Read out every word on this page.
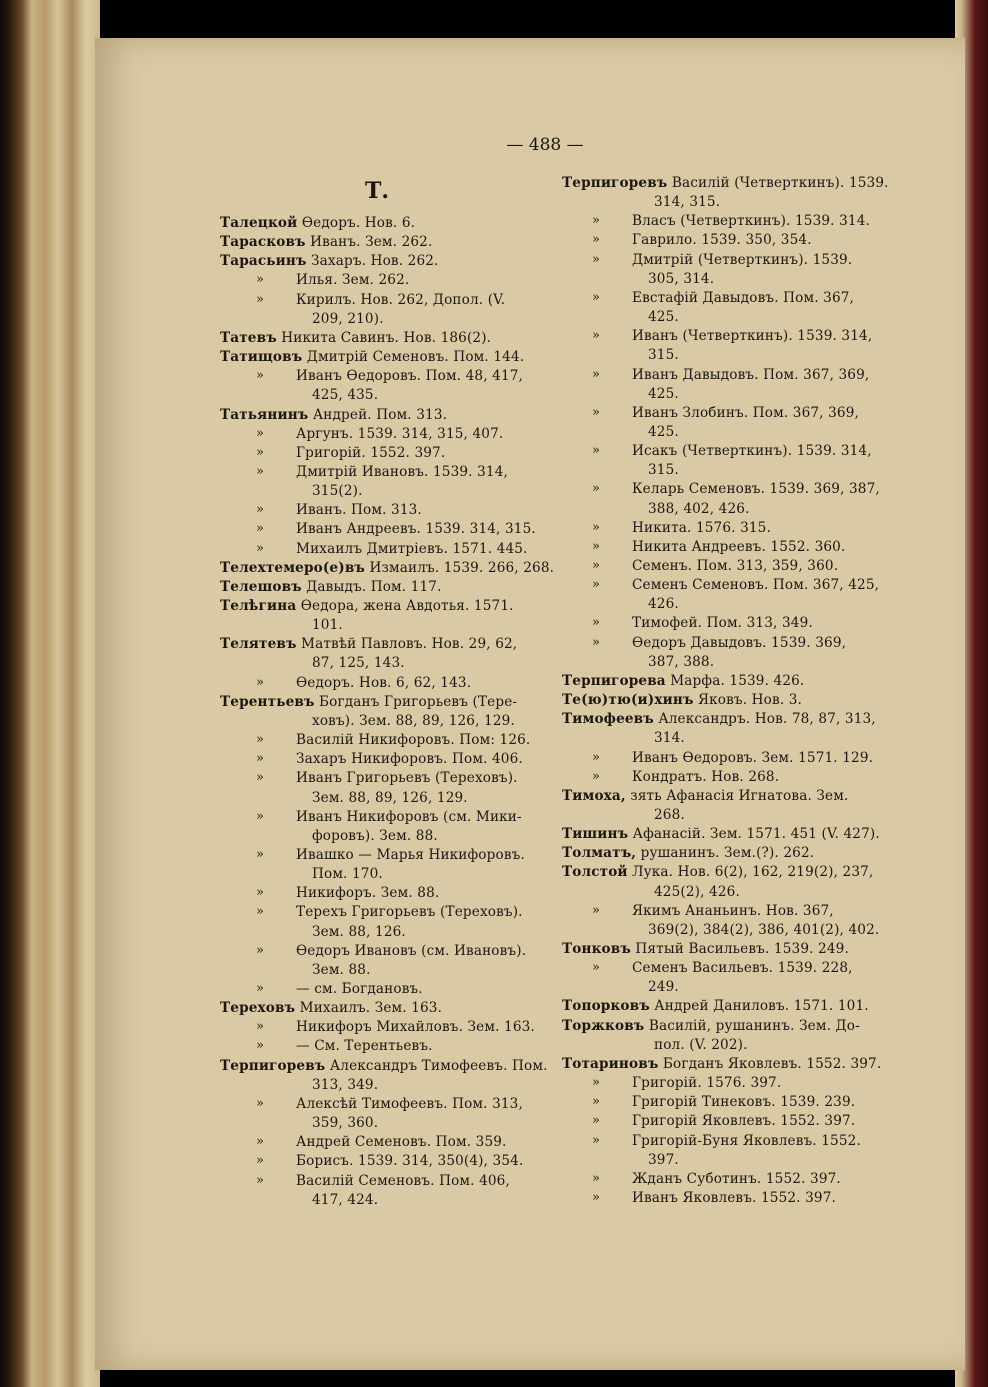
— 488 —
Т.
Талецкой Өедоръ. Нов. 6.
Тарасковъ Иванъ. Зем. 262.
Тарасьинъ Захаръ. Нов. 262.
» Илья. Зем. 262.
» Кирилъ. Нов. 262, Допол. (V.
209, 210).
Татевъ Никита Савинъ. Нов. 186(2).
Татищовъ Дмитрій Семеновъ. Пом. 144.
» Иванъ Өедоровъ. Пом. 48, 417,
425, 435.
Татьянинъ Андрей. Пом. 313.
» Аргунъ. 1539. 314, 315, 407.
» Григорій. 1552. 397.
» Дмитрій Ивановъ. 1539. 314,
315(2).
» Иванъ. Пом. 313.
» Иванъ Андреевъ. 1539. 314, 315.
» Михаилъ Дмитріевъ. 1571. 445.
Телехтемеро(е)въ Измаилъ. 1539. 266, 268.
Телешовъ Давыдъ. Пом. 117.
Телѣгина Өедора, жена Авдотья. 1571.
101.
Телятевъ Матвѣй Павловъ. Нов. 29, 62,
87, 125, 143.
» Өедоръ. Нов. 6, 62, 143.
Терентьевъ Богданъ Григорьевъ (Тере-
ховъ). Зем. 88, 89, 126, 129.
» Василій Никифоровъ. Пом: 126.
» Захаръ Никифоровъ. Пом. 406.
» Иванъ Григорьевъ (Тереховъ).
Зем. 88, 89, 126, 129.
» Иванъ Никифоровъ (см. Мики-
форовъ). Зем. 88.
» Ивашко — Марья Никифоровъ.
Пом. 170.
» Никифоръ. Зем. 88.
» Терехъ Григорьевъ (Тереховъ).
Зем. 88, 126.
» Өедоръ Ивановъ (см. Ивановъ).
Зем. 88.
» — см. Богдановъ.
Тереховъ Михаилъ. Зем. 163.
» Никифоръ Михайловъ. Зем. 163.
» — См. Терентьевъ.
Терпигоревъ Александръ Тимофеевъ. Пом.
313, 349.
» Алексѣй Тимофеевъ. Пом. 313,
359, 360.
» Андрей Семеновъ. Пом. 359.
» Борисъ. 1539. 314, 350(4), 354.
» Василій Семеновъ. Пом. 406,
417, 424.
Терпигоревъ Василій (Четверткинъ). 1539.
314, 315.
» Власъ (Четверткинъ). 1539. 314.
» Гаврило. 1539. 350, 354.
» Дмитрій (Четверткинъ). 1539.
305, 314.
» Евстафій Давыдовъ. Пом. 367,
425.
» Иванъ (Четверткинъ). 1539. 314,
315.
» Иванъ Давыдовъ. Пом. 367, 369,
425.
» Иванъ Злобинъ. Пом. 367, 369,
425.
» Исакъ (Четверткинъ). 1539. 314,
315.
» Келарь Семеновъ. 1539. 369, 387,
388, 402, 426.
» Никита. 1576. 315.
» Никита Андреевъ. 1552. 360.
» Семенъ. Пом. 313, 359, 360.
» Семенъ Семеновъ. Пом. 367, 425,
426.
» Тимофей. Пом. 313, 349.
» Өедоръ Давыдовъ. 1539. 369,
387, 388.
Терпигорева Марфа. 1539. 426.
Те(ю)тю(и)хинъ Яковъ. Нов. 3.
Тимофеевъ Александръ. Нов. 78, 87, 313,
314.
» Иванъ Өедоровъ. Зем. 1571. 129.
» Кондратъ. Нов. 268.
Тимоха, зять Афанасія Игнатова. Зем.
268.
Тишинъ Афанасій. Зем. 1571. 451 (V. 427).
Толматъ, рушанинъ. Зем.(?). 262.
Толстой Лука. Нов. 6(2), 162, 219(2), 237,
425(2), 426.
» Якимъ Ананьинъ. Нов. 367,
369(2), 384(2), 386, 401(2), 402.
Тонковъ Пятый Васильевъ. 1539. 249.
» Семенъ Васильевъ. 1539. 228,
249.
Топорковъ Андрей Даниловъ. 1571. 101.
Торжковъ Василій, рушанинъ. Зем. До-
пол. (V. 202).
Тотариновъ Богданъ Яковлевъ. 1552. 397.
» Григорій. 1576. 397.
» Григорій Тинековъ. 1539. 239.
» Григорій Яковлевъ. 1552. 397.
» Григорій-Буня Яковлевъ. 1552.
397.
» Жданъ Суботинъ. 1552. 397.
» Иванъ Яковлевъ. 1552. 397.
